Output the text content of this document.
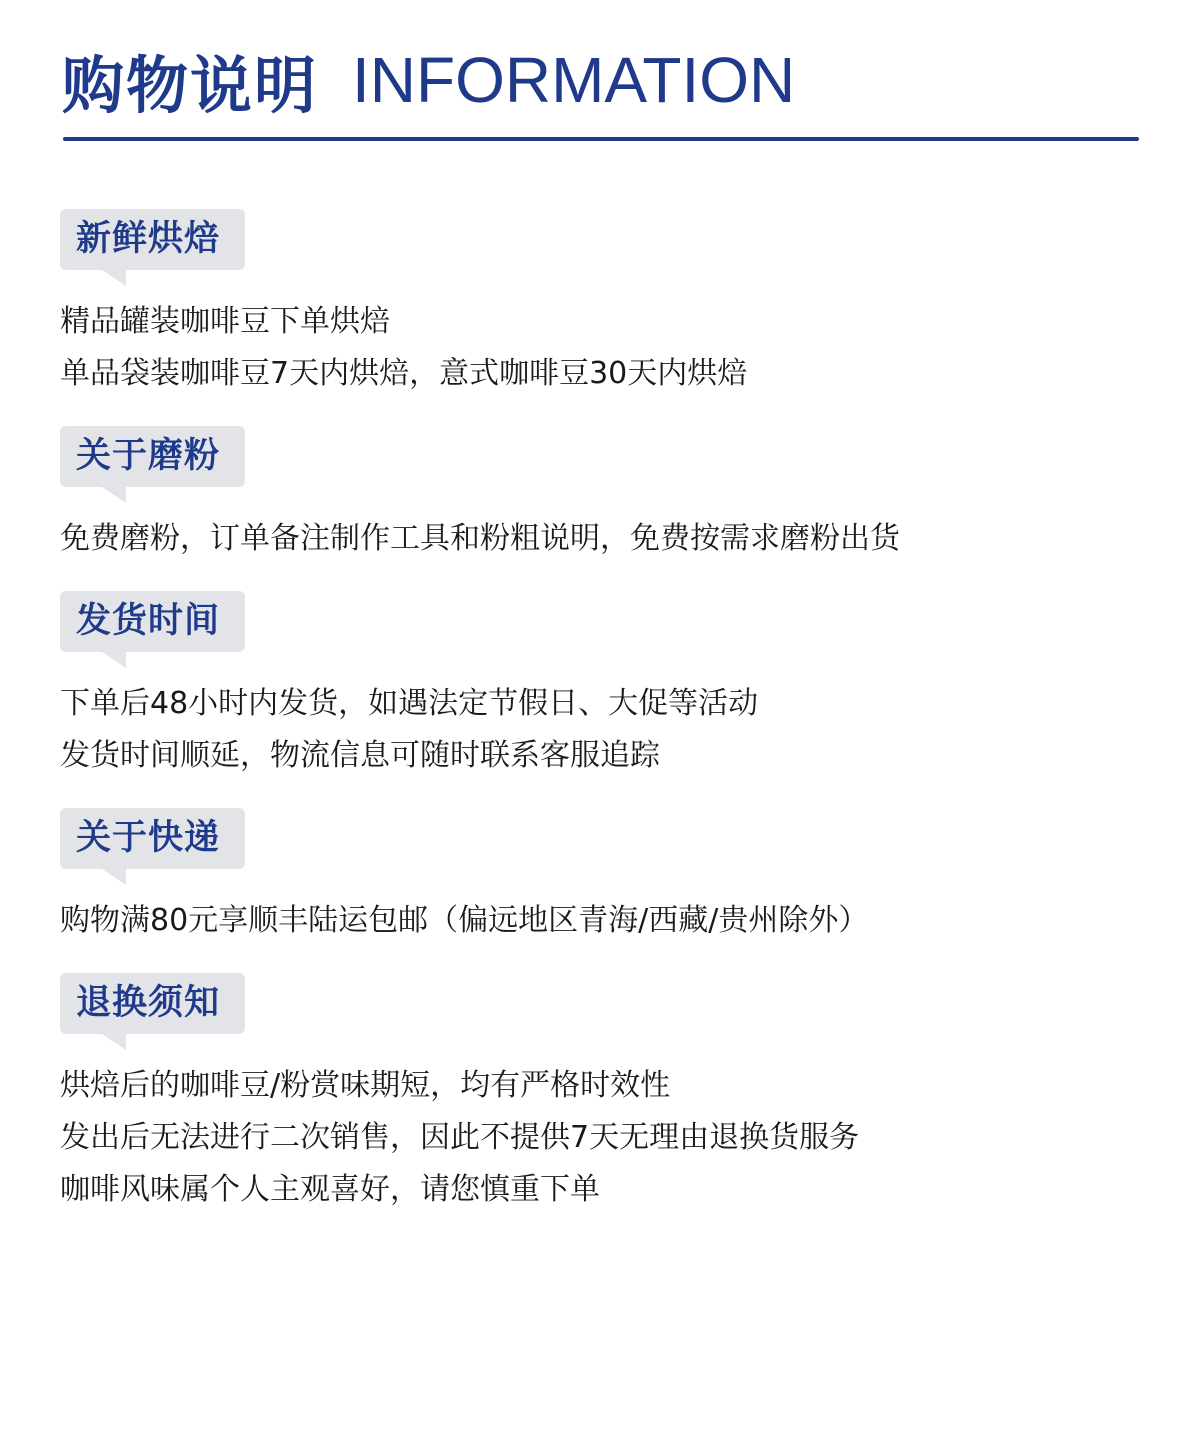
购物说明 INFORMATION
新鲜烘焙
精品罐装咖啡豆下单烘焙
单品袋装咖啡豆7天内烘焙，意式咖啡豆30天内烘焙
关于磨粉
免费磨粉，订单备注制作工具和粉粗说明，免费按需求磨粉出货
发货时间
下单后48小时内发货，如遇法定节假日、大促等活动
发货时间顺延，物流信息可随时联系客服追踪
关于快递
购物满80元享顺丰陆运包邮（偏远地区青海/西藏/贵州除外）
退换须知
烘焙后的咖啡豆/粉赏味期短，均有严格时效性
发出后无法进行二次销售，因此不提供7天无理由退换货服务
咖啡风味属个人主观喜好，请您慎重下单
